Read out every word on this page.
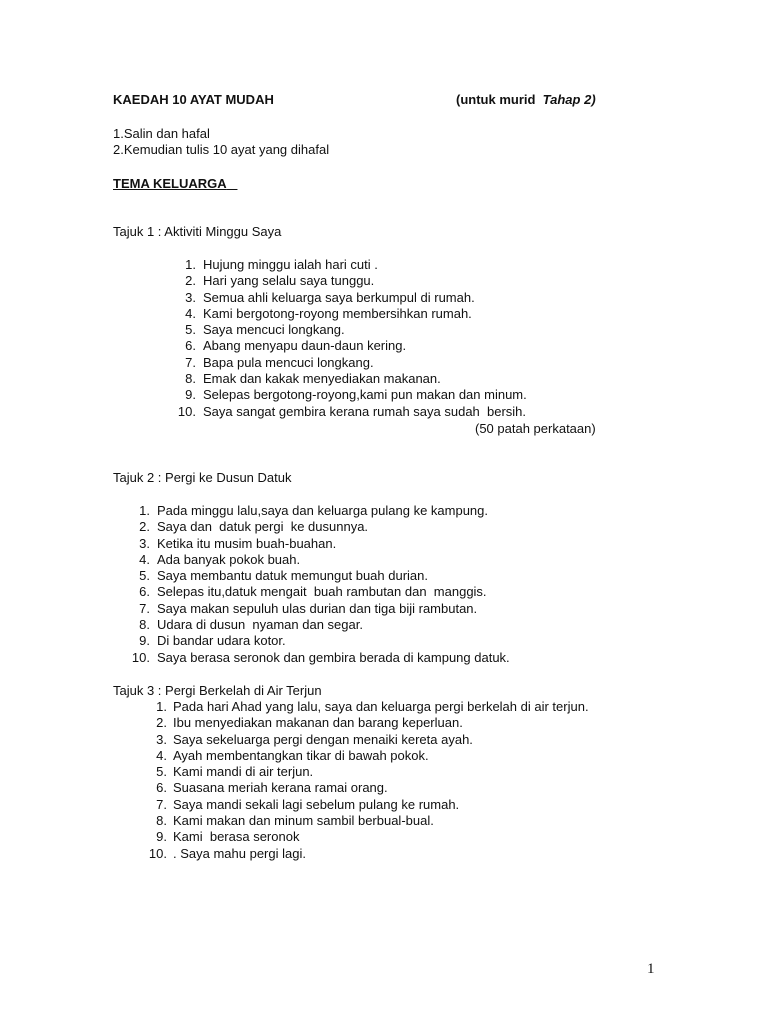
KAEDAH 10 AYAT MUDAH	(untuk murid Tahap 2)
1.Salin dan hafal
2.Kemudian tulis 10 ayat yang dihafal
TEMA KELUARGA
Tajuk 1 : Aktiviti Minggu Saya
1. Hujung minggu ialah hari cuti .
2. Hari yang selalu saya tunggu.
3. Semua ahli keluarga saya berkumpul di rumah.
4. Kami bergotong-royong membersihkan rumah.
5. Saya mencuci longkang.
6. Abang menyapu daun-daun kering.
7. Bapa pula mencuci longkang.
8. Emak dan kakak menyediakan makanan.
9. Selepas bergotong-royong,kami pun makan dan minum.
10. Saya sangat gembira kerana rumah saya sudah  bersih.
(50 patah perkataan)
Tajuk 2 : Pergi ke Dusun Datuk
1. Pada minggu lalu,saya dan keluarga pulang ke kampung.
2. Saya dan  datuk pergi  ke dusunnya.
3. Ketika itu musim buah-buahan.
4. Ada banyak pokok buah.
5. Saya membantu datuk memungut buah durian.
6. Selepas itu,datuk mengait  buah rambutan dan  manggis.
7. Saya makan sepuluh ulas durian dan tiga biji rambutan.
8. Udara di dusun  nyaman dan segar.
9. Di bandar udara kotor.
10. Saya berasa seronok dan gembira berada di kampung datuk.
Tajuk 3 : Pergi Berkelah di Air Terjun
1. Pada hari Ahad yang lalu, saya dan keluarga pergi berkelah di air terjun.
2. Ibu menyediakan makanan dan barang keperluan.
3. Saya sekeluarga pergi dengan menaiki kereta ayah.
4. Ayah membentangkan tikar di bawah pokok.
5. Kami mandi di air terjun.
6. Suasana meriah kerana ramai orang.
7. Saya mandi sekali lagi sebelum pulang ke rumah.
8. Kami makan dan minum sambil berbual-bual.
9. Kami  berasa seronok
10. . Saya mahu pergi lagi.
1
